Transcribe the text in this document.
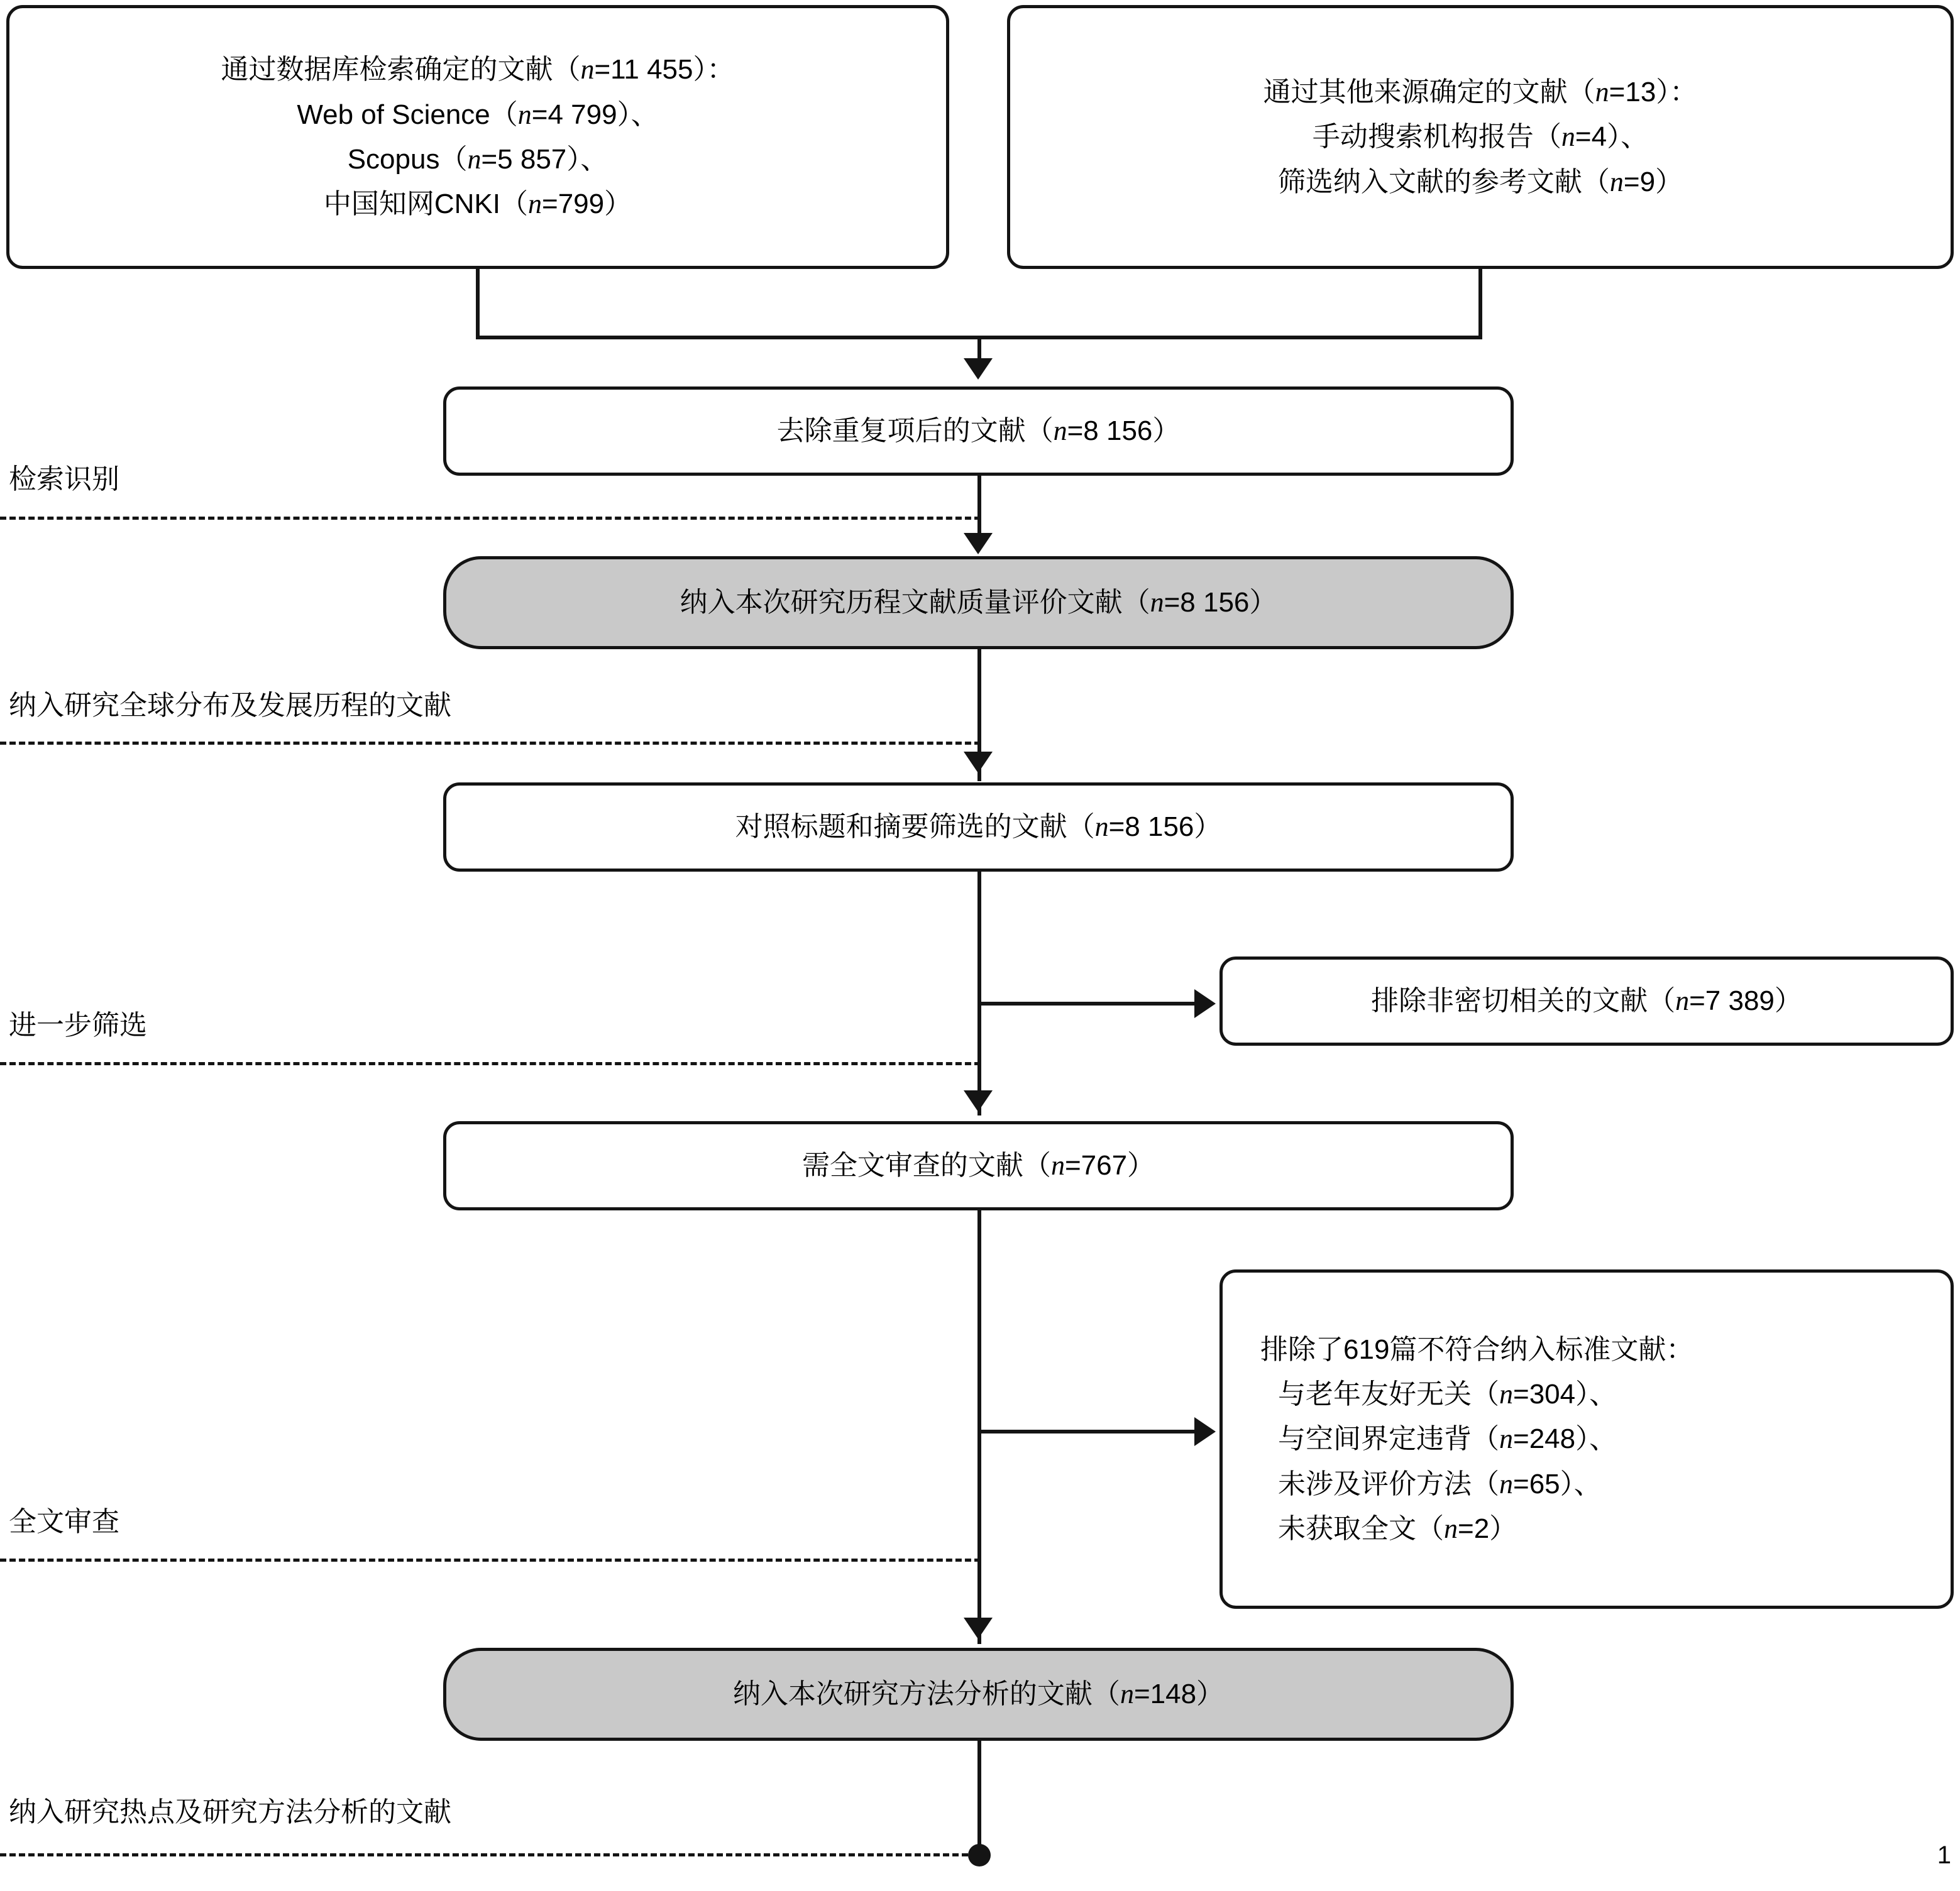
通过数据库检索确定的文献（n=11 455）：
Web of Science（n=4 799）、
Scopus（n=5 857）、
中国知网CNKI（n=799）
通过其他来源确定的文献（n=13）：
手动搜索机构报告（n=4）、
筛选纳入文献的参考文献（n=9）
去除重复项后的文献（n=8 156）
检索识别
纳入本次研究历程文献质量评价文献（n=8 156）
纳入研究全球分布及发展历程的文献
对照标题和摘要筛选的文献（n=8 156）
排除非密切相关的文献（n=7 389）
进一步筛选
需全文审查的文献（n=767）
排除了619篇不符合纳入标准文献：
与老年友好无关（n=304）、
与空间界定违背（n=248）、
未涉及评价方法（n=65）、
未获取全文（n=2）
全文审查
纳入本次研究方法分析的文献（n=148）
纳入研究热点及研究方法分析的文献
1
